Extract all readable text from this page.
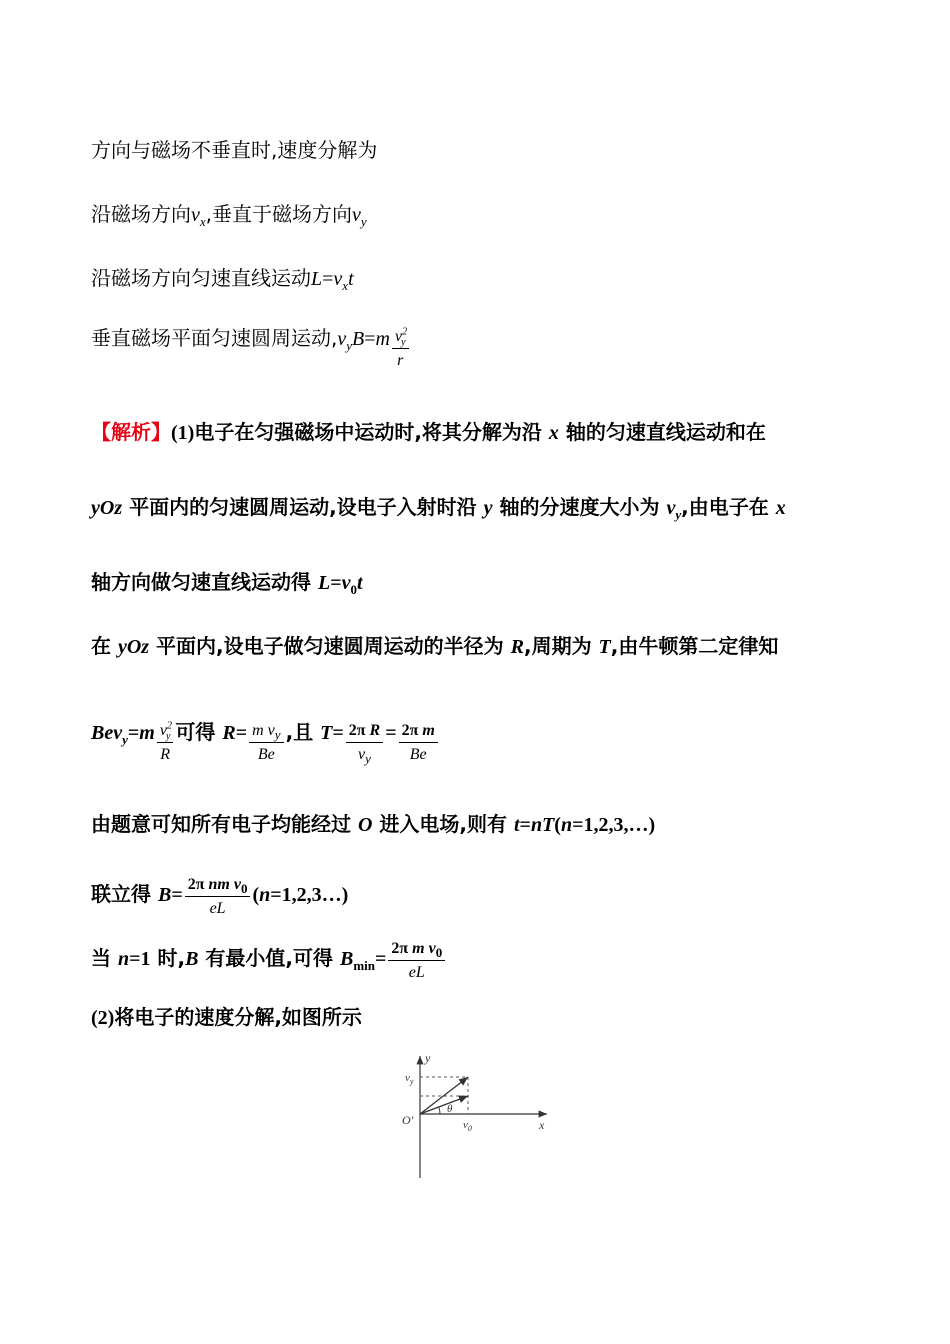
方向与磁场不垂直时,速度分解为
沿磁场方向$v_x$,垂直于磁场方向$v_y$
沿磁场方向匀速直线运动$L=v_xt$
垂直磁场平面匀速圆周运动$,v_yB=m \frac{v^2_y}{r}$
【解析】(1)电子在匀强磁场中运动时,将其分解为沿 x 轴的匀速直线运动和在
yOz 平面内的匀速圆周运动,设电子入射时沿 y 轴的分速度大小为 $v_y$,由电子在 x
轴方向做匀速直线运动得 $L=v_0t$
在 yOz 平面内,设电子做匀速圆周运动的半径为 R,周期为 T,由牛顿第二定律知
$Bev_y=m \frac{v^2_y}{R}$ 可得 $R= \frac{m v_y}{Be}$ ,且 $T= \frac{\text{2π R}}{v_y} = \frac{\text{2π m}}{Be}$
由题意可知所有电子均能经过 O 进入电场,则有 t=nT(n=1,2,3,…)
联立得 $B= \frac{2\pi nm v_0}{eL}$ (n=1,2,3…)
当 n=1 时,B 有最小值,可得 $B_{min}= \frac{2\pi m v_0}{eL}$
(2)将电子的速度分解,如图所示
y
x
O'
$v_y$
$v_0$
θ
